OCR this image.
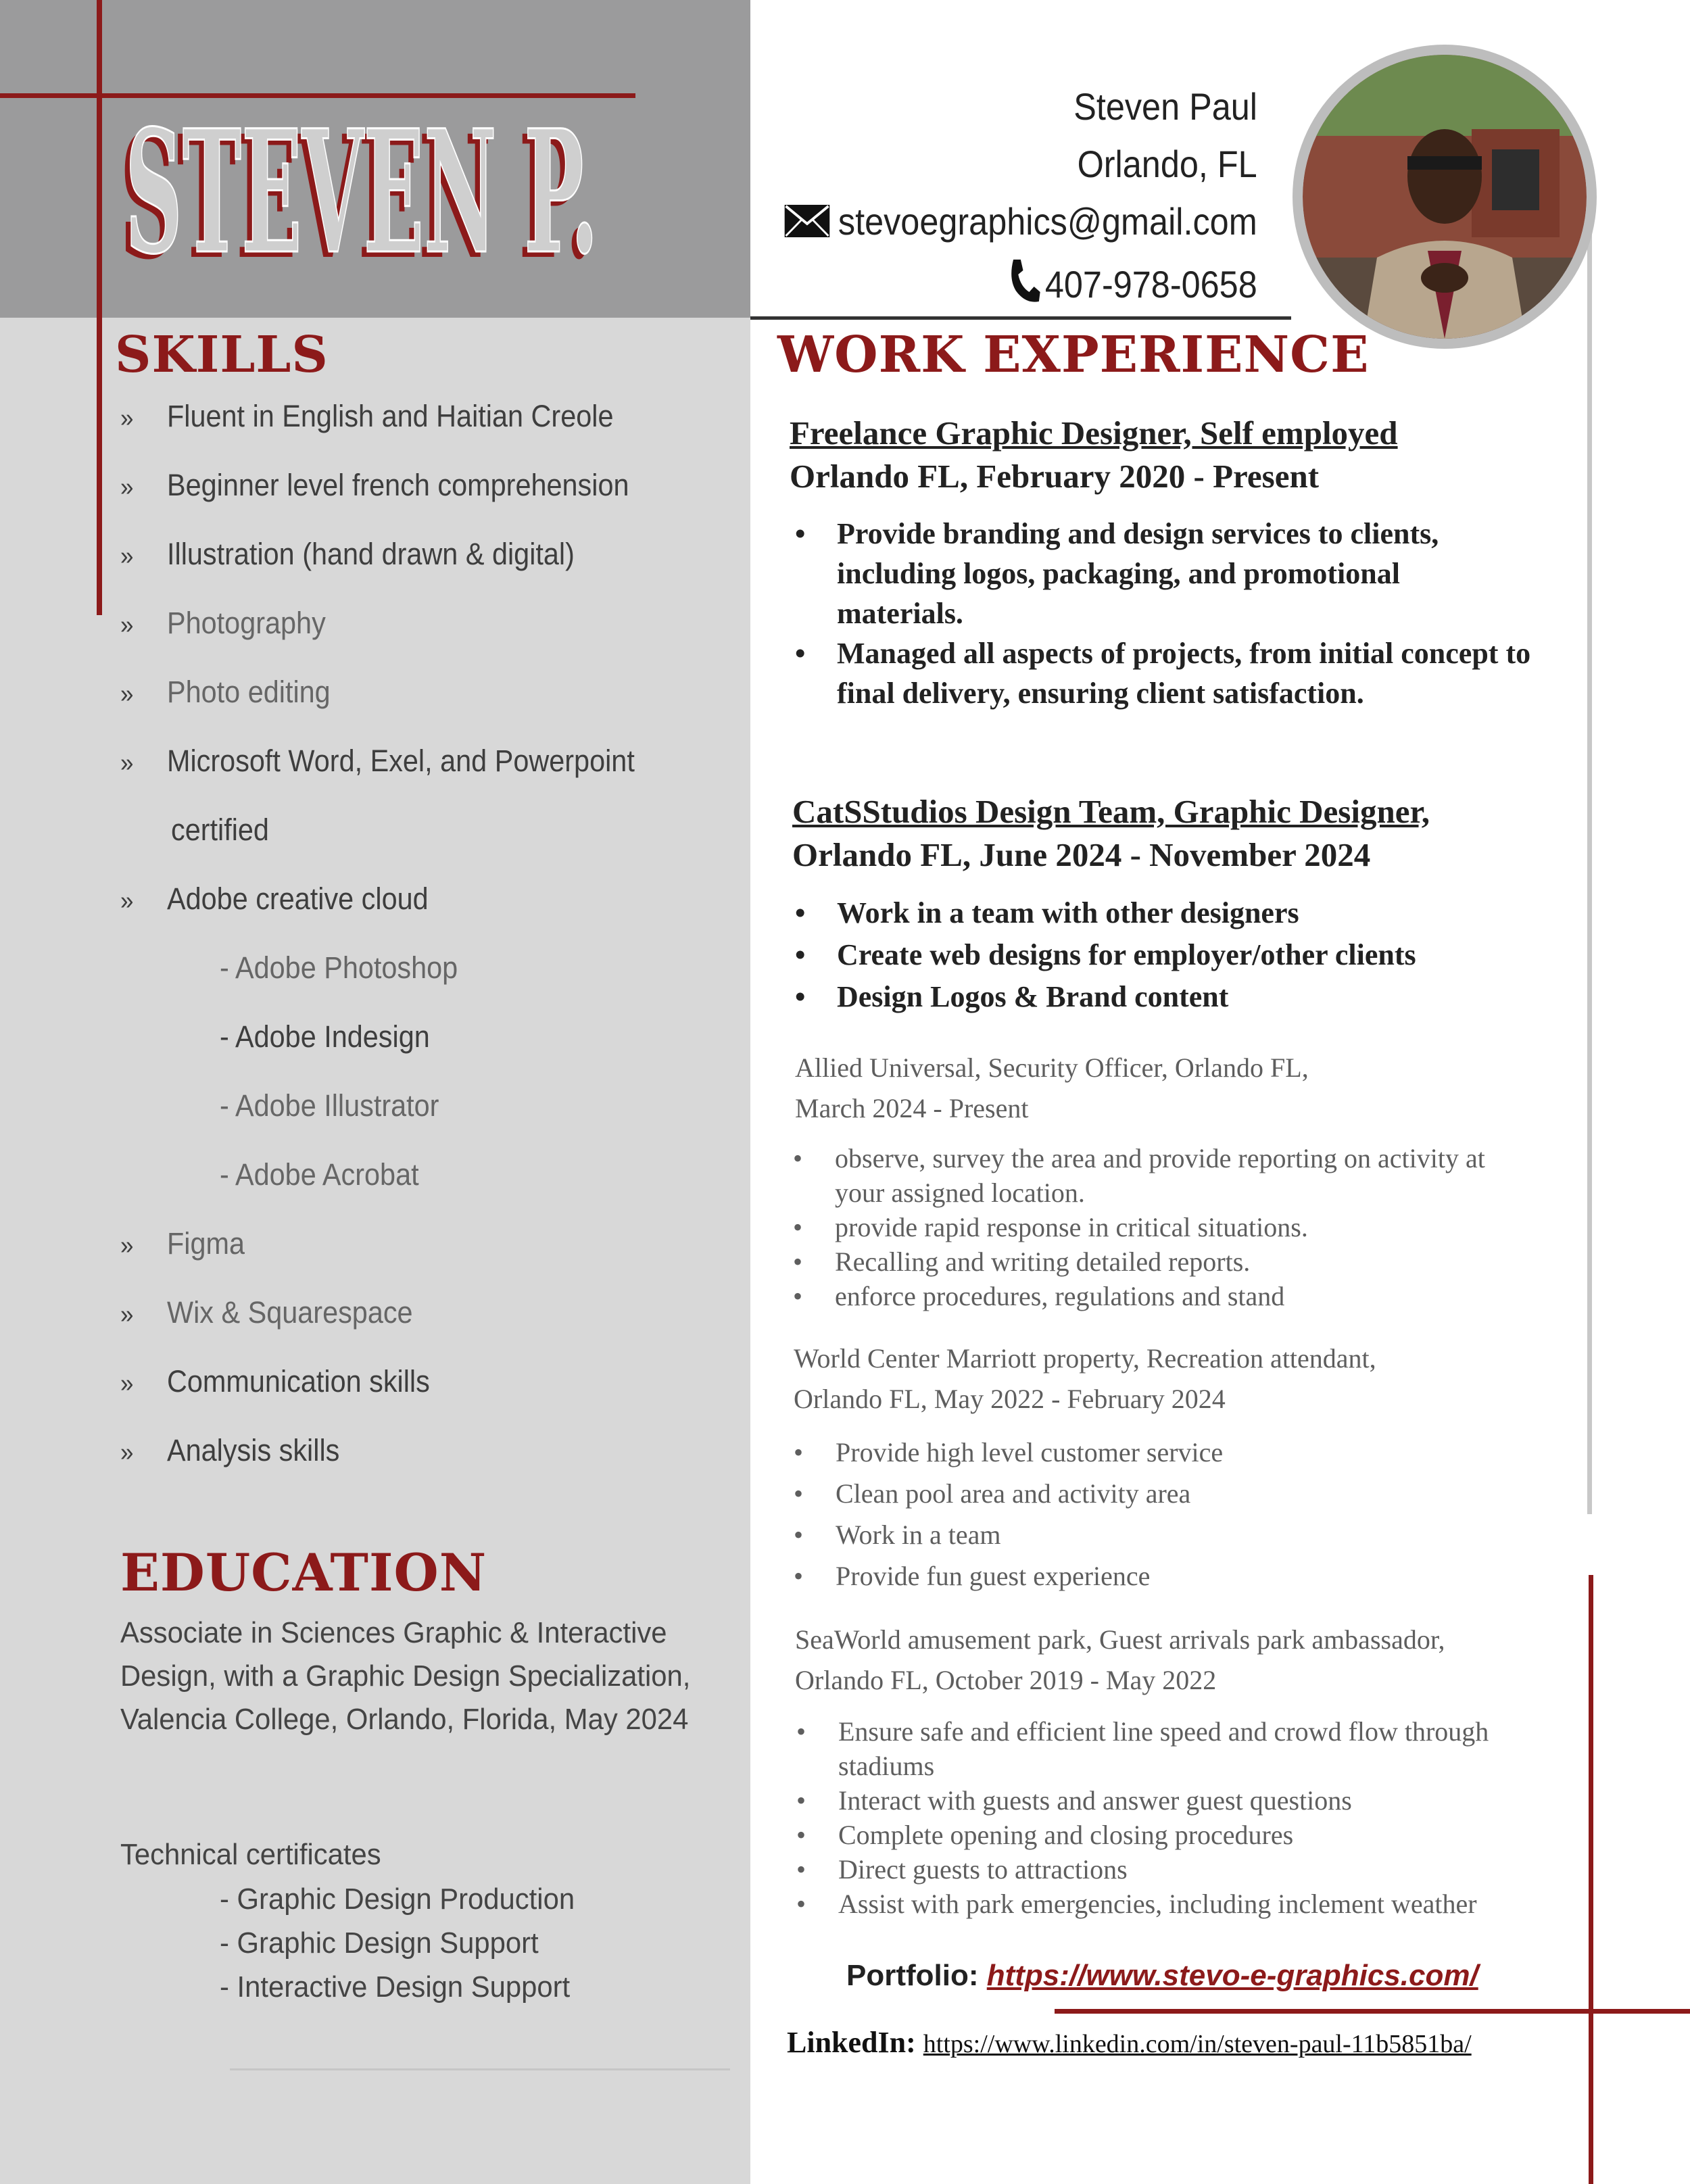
STEVEN P.
STEVEN P.	Steven Paul
Orlando, FL
stevoegraphics@gmail.com
407-978-0658
SKILLS
» Fluent in English and Haitian Creole
» Beginner level french comprehension
» Illustration (hand drawn & digital)
» Photography
» Photo editing
» Microsoft Word, Exel, and Powerpoint
certified
» Adobe creative cloud
- Adobe Photoshop
- Adobe Indesign
- Adobe Illustrator
- Adobe Acrobat
» Figma
» Wix & Squarespace
» Communication skills
» Analysis skills
EDUCATION
Associate in Sciences Graphic & Interactive Design, with a Graphic Design Specialization, Valencia College, Orlando, Florida, May 2024
Technical certificates
- Graphic Design Production
- Graphic Design Support
- Interactive Design Support
WORK EXPERIENCE
Freelance Graphic Designer, Self employed
Orlando FL, February 2020 - Present
• Provide branding and design services to clients, including logos, packaging, and promotional materials.
• Managed all aspects of projects, from initial concept to final delivery, ensuring client satisfaction.
CatSStudios Design Team, Graphic Designer,
Orlando FL, June 2024 - November 2024
• Work in a team with other designers
• Create web designs for employer/other clients
• Design Logos & Brand content
Allied Universal, Security Officer, Orlando FL,
March 2024 - Present
• observe, survey the area and provide reporting on activity at your assigned location.
• provide rapid response in critical situations.
• Recalling and writing detailed reports.
• enforce procedures, regulations and stand
World Center Marriott property, Recreation attendant,
Orlando FL, May 2022 - February 2024
• Provide high level customer service
• Clean pool area and activity area
• Work in a team
• Provide fun guest experience
SeaWorld amusement park, Guest arrivals park ambassador,
Orlando FL, October 2019 - May 2022
• Ensure safe and efficient line speed and crowd flow through stadiums
• Interact with guests and answer guest questions
• Complete opening and closing procedures
• Direct guests to attractions
• Assist with park emergencies, including inclement weather
Portfolio: https://www.stevo-e-graphics.com/
LinkedIn: https://www.linkedin.com/in/steven-paul-11b5851ba/
